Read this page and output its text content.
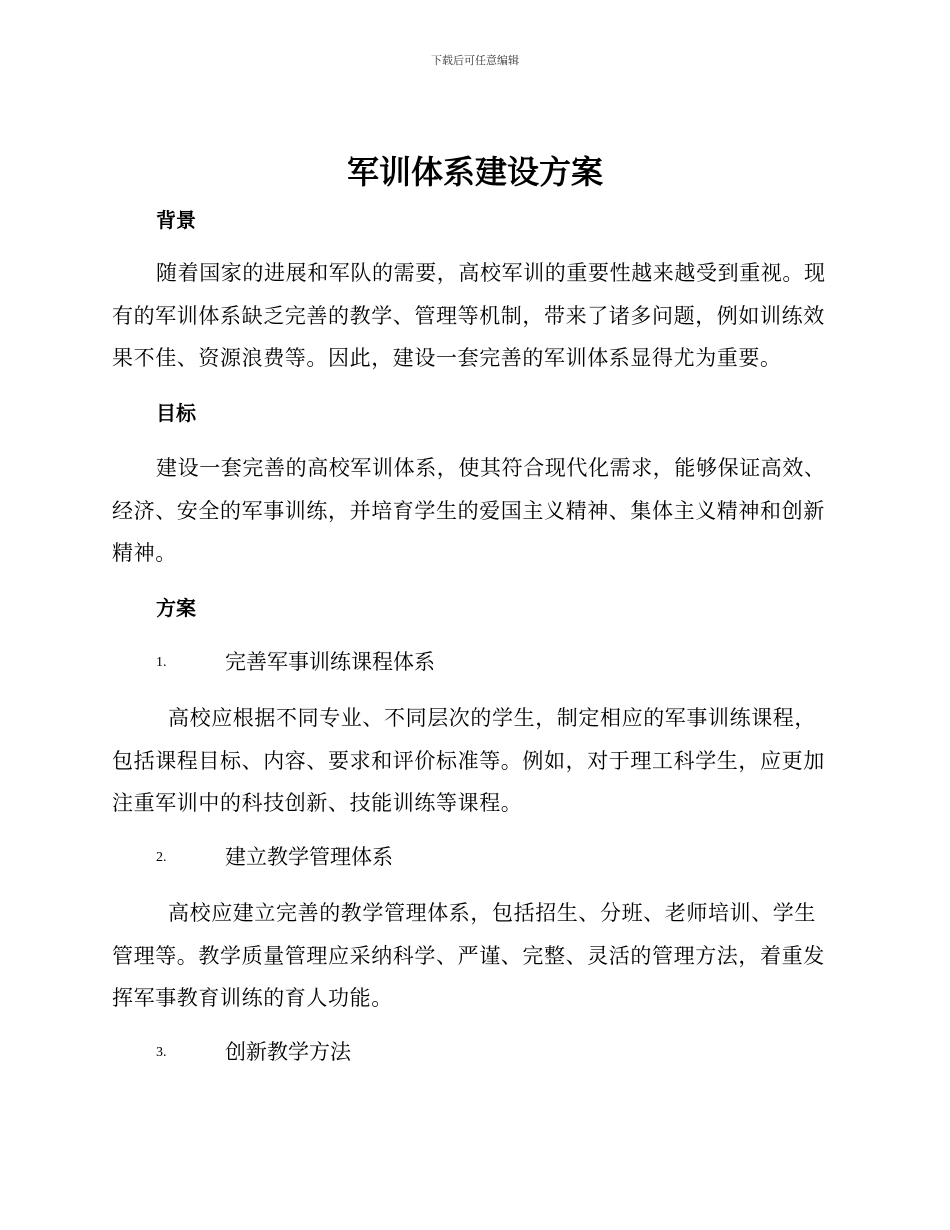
下载后可任意编辑
军训体系建设方案
背景

随着国家的进展和军队的需要，高校军训的重要性越来越受到重视。现有的军训体系缺乏完善的教学、管理等机制，带来了诸多问题，例如训练效果不佳、资源浪费等。因此，建设一套完善的军训体系显得尤为重要。

目标

建设一套完善的高校军训体系，使其符合现代化需求，能够保证高效、经济、安全的军事训练，并培育学生的爱国主义精神、集体主义精神和创新精神。

方案
1.	完善军事训练课程体系

高校应根据不同专业、不同层次的学生，制定相应的军事训练课程，包括课程目标、内容、要求和评价标准等。例如，对于理工科学生，应更加注重军训中的科技创新、技能训练等课程。

2.	建立教学管理体系

高校应建立完善的教学管理体系，包括招生、分班、老师培训、学生管理等。教学质量管理应采纳科学、严谨、完整、灵活的管理方法，着重发挥军事教育训练的育人功能。

3.	创新教学方法
